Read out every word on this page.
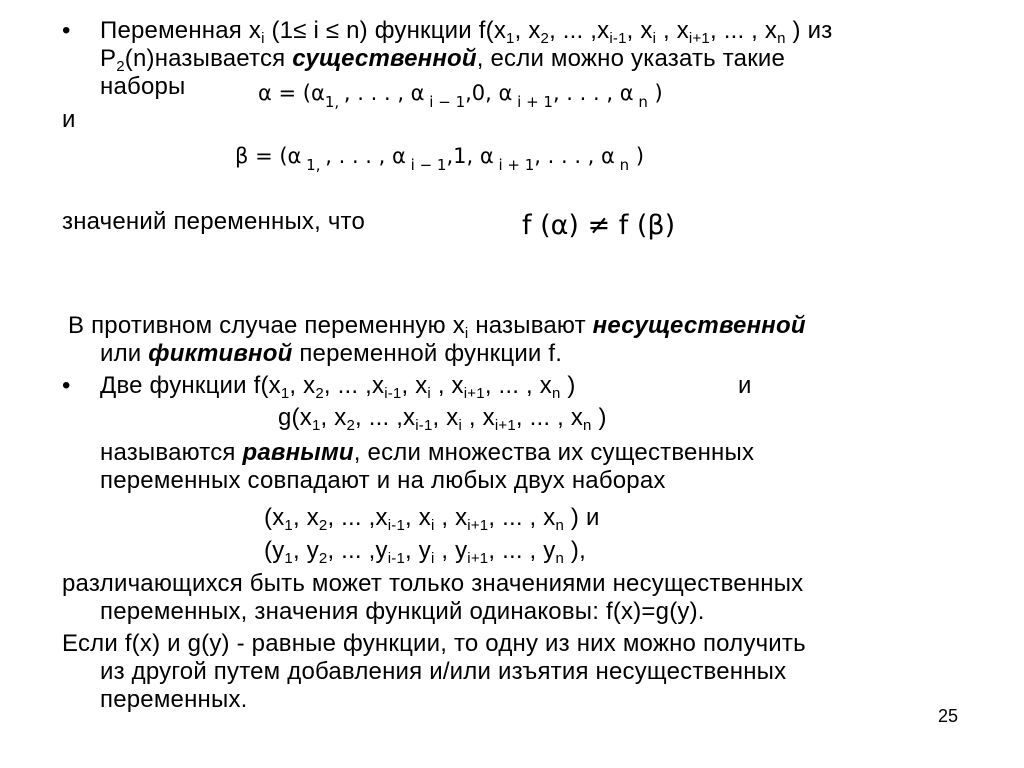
• Переменная $x_i$ (1≤ i ≤ n) функции $f(x_1$, $x_2$, ... $,x_{i-1}$, $x_i$ , $x_{i+1}$, ... , $x_n$ ) из
$P_2(n)называется$ существенной, если можно указать такие
наборы	$\alpha = (\alpha_{1,}$ , . . . , α $_{i - 1}$,0, α $_{i + 1}$, . . . , α $_n$ )
и
β = (α $_{1,}$ , . . . , α $_{i - 1}$,1, α $_{i + 1}$, . . . , α $_n$ )
значений переменных, что	f (α) ≠ f (β)
В противном случае переменную $x_i$ называют несущественной
или фиктивной переменной функции f.
• Две функции $f(x_1$, $x_2$, ... $,x_{i-1}$, $x_i$ , $x_{i+1}$, ... , $x_n$ )	и
$g(x_1$, $x_2$, ... $,x_{i-1}$, $x_i$ , $x_{i+1}$, ... , $x_n$ )
называются равными, если множества их существенных
переменных совпадают и на любых двух наборах
($x_1$, $x_2$, ... $,x_{i-1}$, $x_i$ , $x_{i+1}$, ... , $x_n$ ) и
($y_1$, $y_2$, ... $,y_{i-1}$, $y_i$ , $y_{i+1}$, ... , $y_n$ ),
различающихся быть может только значениями несущественных
переменных, значения функций одинаковы: f(x)=g(y).
Если f(x) и g(y) - равные функции, то одну из них можно получить
из другой путем добавления и/или изъятия несущественных
переменных.
25
